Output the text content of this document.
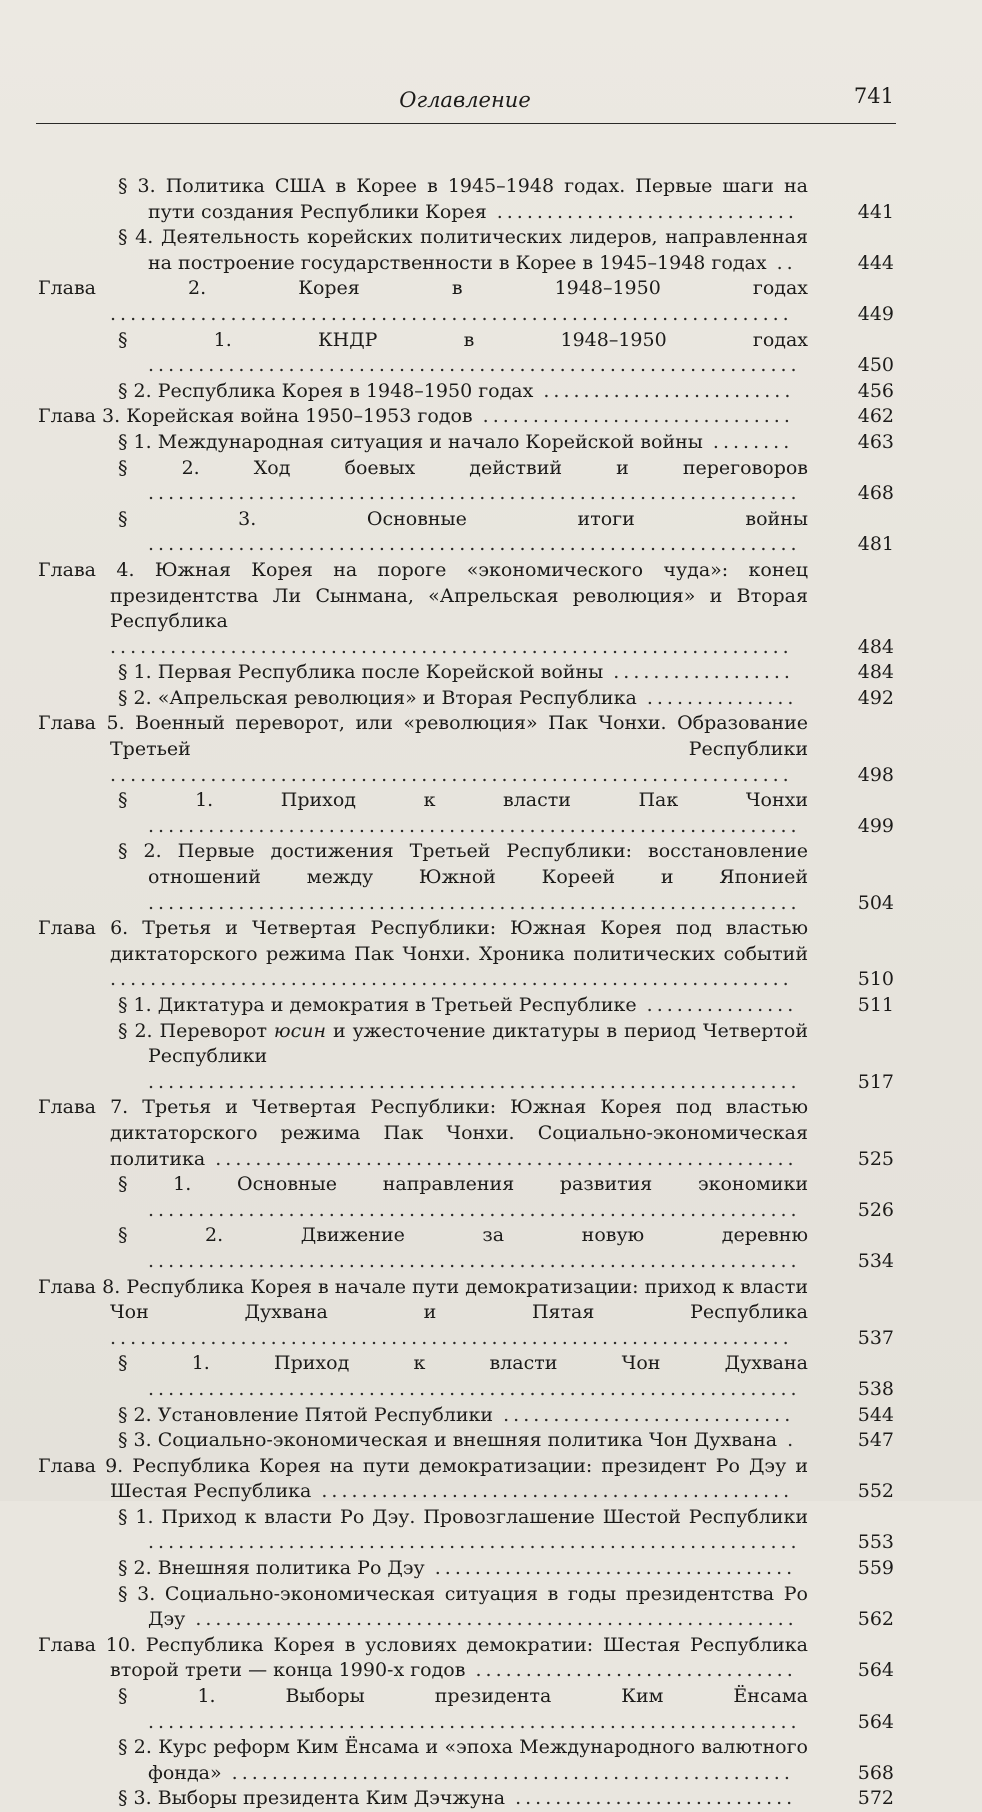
Оглавление	741
§ 3. Политика США в Корее в 1945–1948 годах. Первые шаги на пути создания Республики Корея ..............................	441
§ 4. Деятельность корейских политических лидеров, направленная на построение государственности в Корее в 1945–1948 годах ..	444
Глава 2. Корея в 1948–1950 годах ....................................................................	449
§ 1. КНДР в 1948–1950 годах .................................................................	450
§ 2. Республика Корея в 1948–1950 годах .........................	456
Глава 3. Корейская война 1950–1953 годов ...............................	462
§ 1. Международная ситуация и начало Корейской войны ........	463
§ 2. Ход боевых действий и переговоров .................................................................	468
§ 3. Основные итоги войны .................................................................	481
Глава 4. Южная Корея на пороге «экономического чуда»: конец президентства Ли Сынмана, «Апрельская революция» и Вторая Республика ....................................................................	484
§ 1. Первая Республика после Корейской войны ..................	484
§ 2. «Апрельская революция» и Вторая Республика ...............	492
Глава 5. Военный переворот, или «революция» Пак Чонхи. Образование Третьей Республики ....................................................................	498
§ 1. Приход к власти Пак Чонхи .................................................................	499
§ 2. Первые достижения Третьей Республики: восстановление отношений между Южной Кореей и Японией .................................................................	504
Глава 6. Третья и Четвертая Республики: Южная Корея под властью диктаторского режима Пак Чонхи. Хроника политических событий ....................................................................	510
§ 1. Диктатура и демократия в Третьей Республике ...............	511
§ 2. Переворот юсин и ужесточение диктатуры в период Четвертой Республики .................................................................	517
Глава 7. Третья и Четвертая Республики: Южная Корея под властью диктаторского режима Пак Чонхи. Социально-экономическая политика ..........................................................	525
§ 1. Основные направления развития экономики .................................................................	526
§ 2. Движение за новую деревню .................................................................	534
Глава 8. Республика Корея в начале пути демократизации: приход к власти Чон Духвана и Пятая Республика ....................................................................	537
§ 1. Приход к власти Чон Духвана .................................................................	538
§ 2. Установление Пятой Республики .............................	544
§ 3. Социально-экономическая и внешняя политика Чон Духвана .	547
Глава 9. Республика Корея на пути демократизации: президент Ро Дэу и Шестая Республика ...............................................	552
§ 1. Приход к власти Ро Дэу. Провозглашение Шестой Республики .................................................................	553
§ 2. Внешняя политика Ро Дэу ....................................	559
§ 3. Социально-экономическая ситуация в годы президентства Ро Дэу ............................................................	562
Глава 10. Республика Корея в условиях демократии: Шестая Республика второй трети — конца 1990-х годов ................................	564
§ 1. Выборы президента Ким Ёнсама .................................................................	564
§ 2. Курс реформ Ким Ёнсама и «эпоха Международного валютного фонда» ........................................................	568
§ 3. Выборы президента Ким Дэчжуна ............................	572
